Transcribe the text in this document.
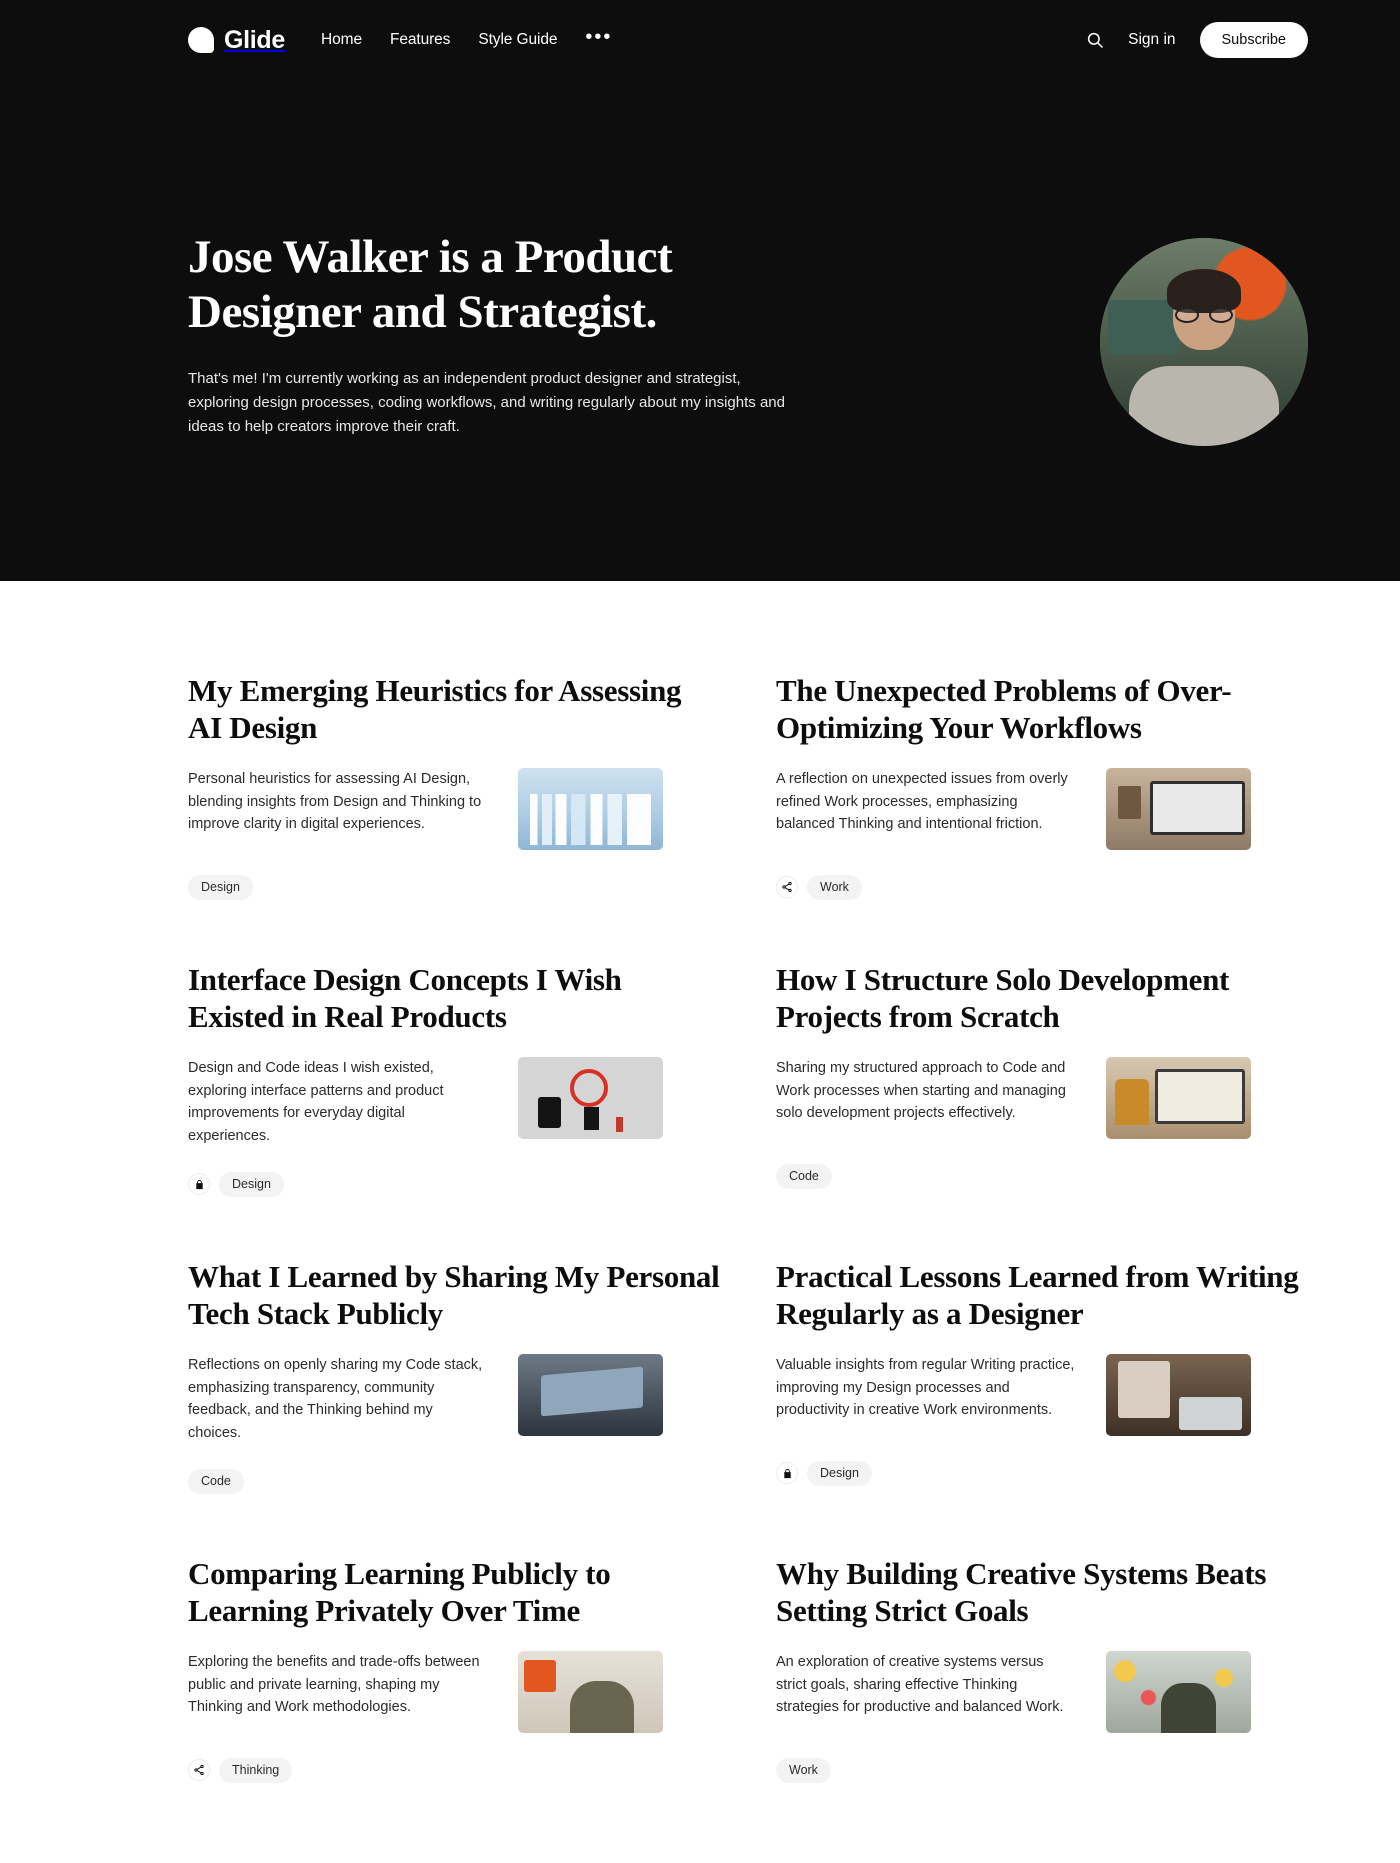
Glide Home Features Style Guide •••	Sign in	Subscribe
Jose Walker is a Product Designer and Strategist.

That's me! I'm currently working as an independent product designer and strategist, exploring design processes, coding workflows, and writing regularly about my insights and ideas to help creators improve their craft.

My Emerging Heuristics for Assessing AI Design

Personal heuristics for assessing AI Design, blending insights from Design and Thinking to improve clarity in digital experiences.

Design
The Unexpected Problems of Over-Optimizing Your Workflows

A reflection on unexpected issues from overly refined Work processes, emphasizing balanced Thinking and intentional friction.

Work
Interface Design Concepts I Wish Existed in Real Products

Design and Code ideas I wish existed, exploring interface patterns and product improvements for everyday digital experiences.

Design
How I Structure Solo Development Projects from Scratch

Sharing my structured approach to Code and Work processes when starting and managing solo development projects effectively.

Code
What I Learned by Sharing My Personal Tech Stack Publicly

Reflections on openly sharing my Code stack, emphasizing transparency, community feedback, and the Thinking behind my choices.

Code
Practical Lessons Learned from Writing Regularly as a Designer

Valuable insights from regular Writing practice, improving my Design processes and productivity in creative Work environments.

Design
Comparing Learning Publicly to Learning Privately Over Time

Exploring the benefits and trade-offs between public and private learning, shaping my Thinking and Work methodologies.

Thinking
Why Building Creative Systems Beats Setting Strict Goals

An exploration of creative systems versus strict goals, sharing effective Thinking strategies for productive and balanced Work.

Work
